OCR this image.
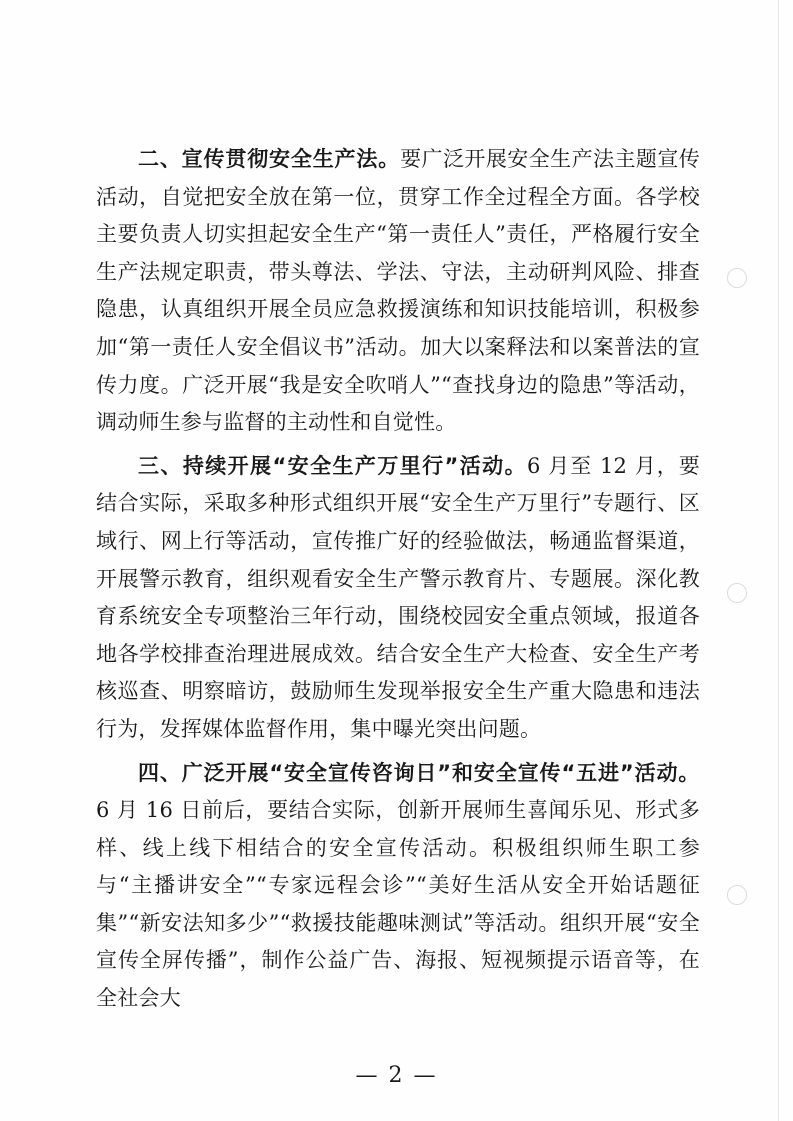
二、宣传贯彻安全生产法。要广泛开展安全生产法主题宣传活动，自觉把安全放在第一位，贯穿工作全过程全方面。各学校主要负责人切实担起安全生产“第一责任人”责任，严格履行安全生产法规定职责，带头尊法、学法、守法，主动研判风险、排查隐患，认真组织开展全员应急救援演练和知识技能培训，积极参加“第一责任人安全倡议书”活动。加大以案释法和以案普法的宣传力度。广泛开展“我是安全吹哨人”“查找身边的隐患”等活动，调动师生参与监督的主动性和自觉性。

三、持续开展“安全生产万里行”活动。6 月至 12 月，要结合实际，采取多种形式组织开展“安全生产万里行”专题行、区域行、网上行等活动，宣传推广好的经验做法，畅通监督渠道，开展警示教育，组织观看安全生产警示教育片、专题展。深化教育系统安全专项整治三年行动，围绕校园安全重点领域，报道各地各学校排查治理进展成效。结合安全生产大检查、安全生产考核巡查、明察暗访，鼓励师生发现举报安全生产重大隐患和违法行为，发挥媒体监督作用，集中曝光突出问题。

四、广泛开展“安全宣传咨询日”和安全宣传“五进”活动。6 月 16 日前后，要结合实际，创新开展师生喜闻乐见、形式多样、线上线下相结合的安全宣传活动。积极组织师生职工参与“主播讲安全”“专家远程会诊”“美好生活从安全开始话题征集”“新安法知多少”“救援技能趣味测试”等活动。组织开展“安全宣传全屏传播”，制作公益广告、海报、短视频提示语音等，在全社会大

— 2 —
